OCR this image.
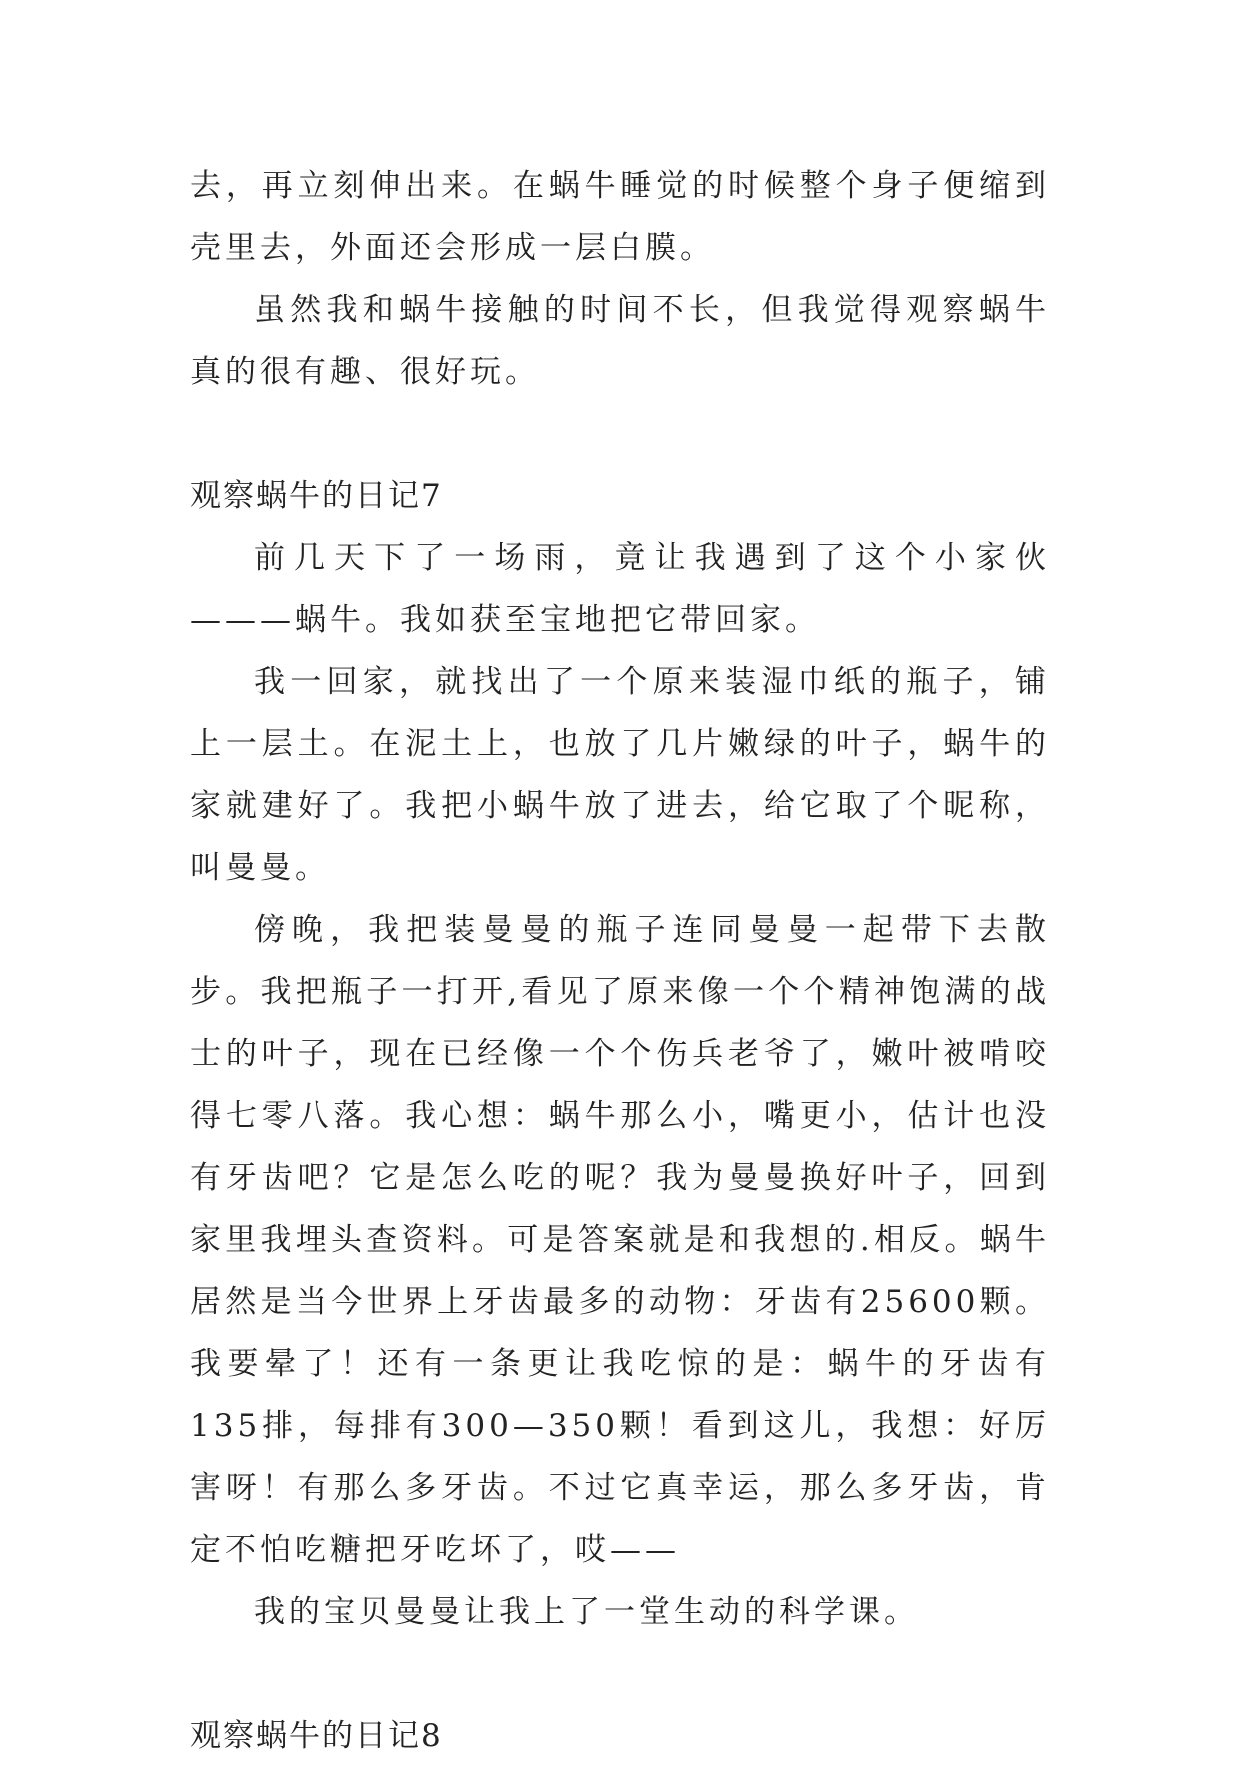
去，再立刻伸出来。在蜗牛睡觉的时候整个身子便缩到壳里去，外面还会形成一层白膜。

虽然我和蜗牛接触的时间不长，但我觉得观察蜗牛真的很有趣、很好玩。

观察蜗牛的日记7

前几天下了一场雨，竟让我遇到了这个小家伙———蜗牛。我如获至宝地把它带回家。

我一回家，就找出了一个原来装湿巾纸的瓶子，铺上一层土。在泥土上，也放了几片嫩绿的叶子，蜗牛的家就建好了。我把小蜗牛放了进去，给它取了个昵称，叫曼曼。

傍晚，我把装曼曼的瓶子连同曼曼一起带下去散步。我把瓶子一打开,看见了原来像一个个精神饱满的战士的叶子，现在已经像一个个伤兵老爷了，嫩叶被啃咬得七零八落。我心想：蜗牛那么小，嘴更小，估计也没有牙齿吧？它是怎么吃的呢？我为曼曼换好叶子，回到家里我埋头查资料。可是答案就是和我想的.相反。蜗牛居然是当今世界上牙齿最多的动物：牙齿有25600颗。我要晕了！还有一条更让我吃惊的是：蜗牛的牙齿有135排，每排有300—350颗！看到这儿，我想：好厉害呀！有那么多牙齿。不过它真幸运，那么多牙齿，肯定不怕吃糖把牙吃坏了，哎——

我的宝贝曼曼让我上了一堂生动的科学课。

观察蜗牛的日记8
